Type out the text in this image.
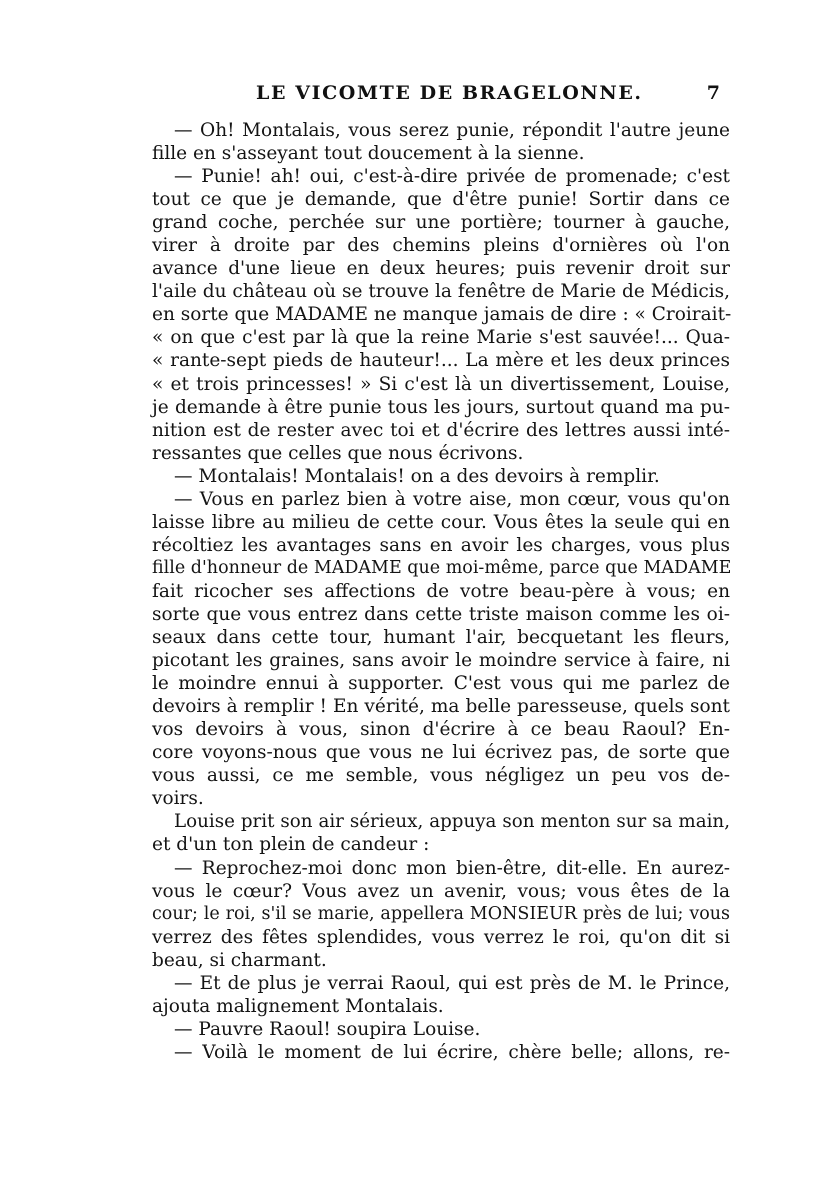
LE VICOMTE DE BRAGELONNE.	7
— Oh! Montalais, vous serez punie, répondit l'autre jeune
fille en s'asseyant tout doucement à la sienne.
— Punie! ah! oui, c'est-à-dire privée de promenade; c'est
tout ce que je demande, que d'être punie! Sortir dans ce
grand coche, perchée sur une portière; tourner à gauche,
virer à droite par des chemins pleins d'ornières où l'on
avance d'une lieue en deux heures; puis revenir droit sur
l'aile du château où se trouve la fenêtre de Marie de Médicis,
en sorte que MADAME ne manque jamais de dire : « Croirait-
« on que c'est par là que la reine Marie s'est sauvée!... Qua-
« rante-sept pieds de hauteur!... La mère et les deux princes
« et trois princesses! » Si c'est là un divertissement, Louise,
je demande à être punie tous les jours, surtout quand ma pu-
nition est de rester avec toi et d'écrire des lettres aussi inté-
ressantes que celles que nous écrivons.
— Montalais! Montalais! on a des devoirs à remplir.
— Vous en parlez bien à votre aise, mon cœur, vous qu'on
laisse libre au milieu de cette cour. Vous êtes la seule qui en
récoltiez les avantages sans en avoir les charges, vous plus
fille d'honneur de MADAME que moi-même, parce que MADAME
fait ricocher ses affections de votre beau-père à vous; en
sorte que vous entrez dans cette triste maison comme les oi-
seaux dans cette tour, humant l'air, becquetant les fleurs,
picotant les graines, sans avoir le moindre service à faire, ni
le moindre ennui à supporter. C'est vous qui me parlez de
devoirs à remplir ! En vérité, ma belle paresseuse, quels sont
vos devoirs à vous, sinon d'écrire à ce beau Raoul? En-
core voyons-nous que vous ne lui écrivez pas, de sorte que
vous aussi, ce me semble, vous négligez un peu vos de-
voirs.
Louise prit son air sérieux, appuya son menton sur sa main,
et d'un ton plein de candeur :
— Reprochez-moi donc mon bien-être, dit-elle. En aurez-
vous le cœur? Vous avez un avenir, vous; vous êtes de la
cour; le roi, s'il se marie, appellera MONSIEUR près de lui; vous
verrez des fêtes splendides, vous verrez le roi, qu'on dit si
beau, si charmant.
— Et de plus je verrai Raoul, qui est près de M. le Prince,
ajouta malignement Montalais.
— Pauvre Raoul! soupira Louise.
— Voilà le moment de lui écrire, chère belle; allons, re-
